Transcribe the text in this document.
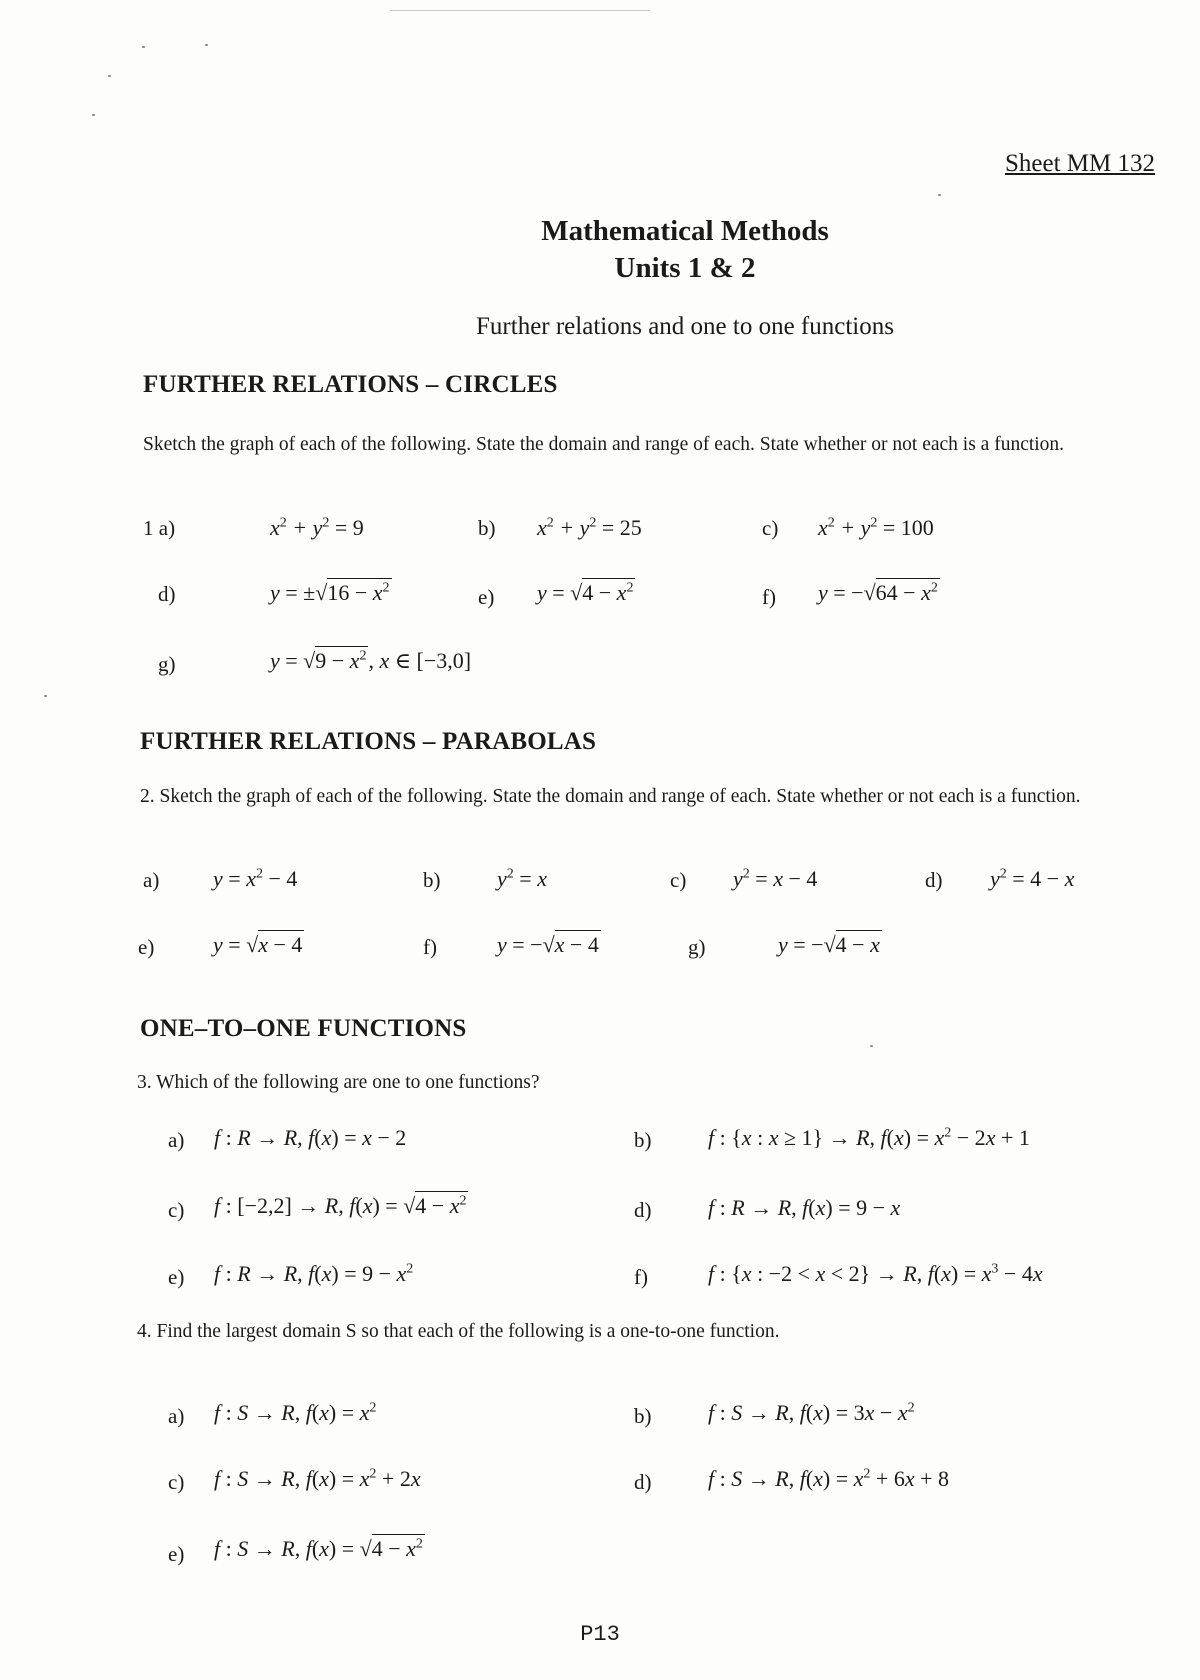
Sheet MM 132
Mathematical Methods
Units 1 & 2
Further relations and one to one functions
FURTHER RELATIONS – CIRCLES
Sketch the graph of each of the following. State the domain and range of each. State whether or not each is a function.
1 a)	$x^2 + y^2 = 9$	b) $x^2 + y^2 = 25$	c) $x^2 + y^2 = 100$
d)	$y = \pm√16 - x^2$	e) $y = √4 - x^2$	f) $y = -√64 - x^2$
g)	$y = √9 - x^2$, x ∈ [−3,0]
FURTHER RELATIONS – PARABOLAS
2. Sketch the graph of each of the following. State the domain and range of each. State whether or not each is a function.
a) $y = x^2 - 4$	b)	$y^2 = x$	c) $y^2 = x - 4$	d) $y^2 = 4 - x$
e)	y = √x − 4	f)	y = −√x − 4	g)	y = −√4 − x
ONE–TO–ONE FUNCTIONS
3. Which of the following are one to one functions?
a) f : R → R, f(x) = x − 2	b)	f : {x : x ≥ 1} → R, $f(x) = x^2 - 2x + 1$
c) f : [−2,2] → R, $f(x) = √4 - x^2$	d)	f : R → R, f(x) = 9 − x
e) f : R → R, $f(x) = 9 - x^2$	f)	f : {x : −2 < x < 2} → R, $f(x) = x^3 - 4x$
4. Find the largest domain S so that each of the following is a one-to-one function.
a) f : S → R, $f(x) = x^2$	b)	f : S → R, $f(x) = 3x - x^2$
c) f : S → R, $f(x) = x^2 + 2x$	d)	f : S → R, $f(x) = x^2 + 6x + 8$
e) f : S → R, $f(x) = √4 - x^2$
P13
